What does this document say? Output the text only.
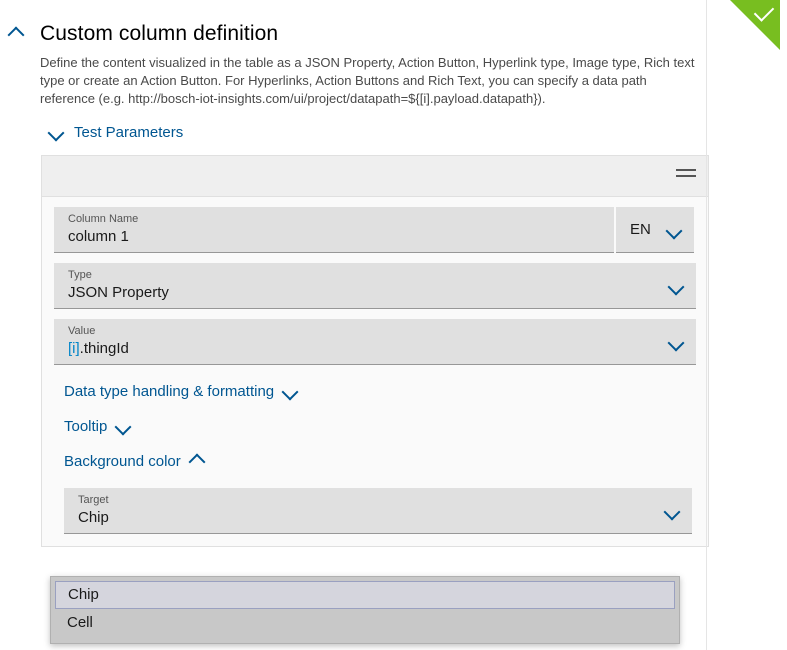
Custom column definition

Define the content visualized in the table as a JSON Property, Action Button, Hyperlink type, Image type, Rich text type or create an Action Button. For Hyperlinks, Action Buttons and Rich Text, you can specify a data path reference (e.g. http://bosch-iot-insights.com/ui/project/datapath=${[i].payload.datapath}).

Test Parameters
Column Name
column 1	EN
Type
JSON Property
Value
[i].thingId
Data type handling & formatting
Tooltip
Background color
Target
Chip
Chip
Cell
